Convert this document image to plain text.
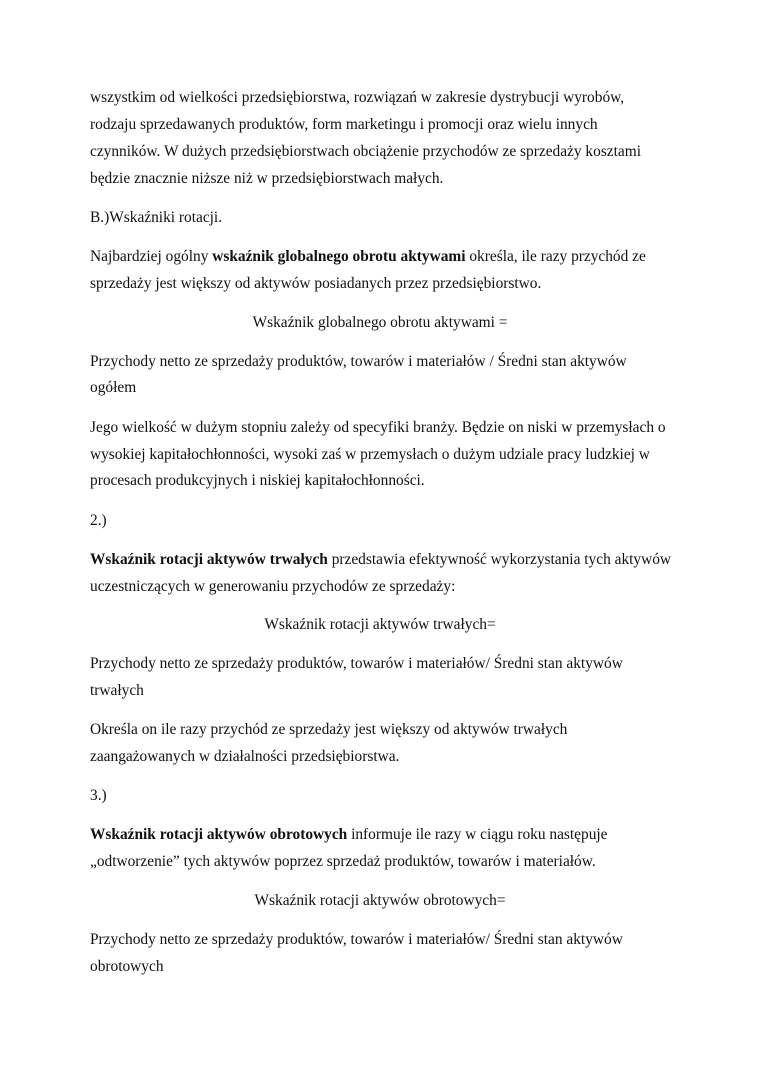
wszystkim od wielkości przedsiębiorstwa, rozwiązań w zakresie dystrybucji wyrobów,

rodzaju sprzedawanych produktów, form marketingu i promocji oraz wielu innych

czynników. W dużych przedsiębiorstwach obciążenie przychodów ze sprzedaży kosztami

będzie znacznie niższe niż w przedsiębiorstwach małych.

B.)Wskaźniki rotacji.

Najbardziej ogólny wskaźnik globalnego obrotu aktywami określa, ile razy przychód ze

sprzedaży jest większy od aktywów posiadanych przez przedsiębiorstwo.

Wskaźnik globalnego obrotu aktywami =

Przychody netto ze sprzedaży produktów, towarów i materiałów / Średni stan aktywów

ogółem

Jego wielkość w dużym stopniu zależy od specyfiki branży. Będzie on niski w przemysłach o

wysokiej kapitałochłonności, wysoki zaś w przemysłach o dużym udziale pracy ludzkiej w

procesach produkcyjnych i niskiej kapitałochłonności.

2.)

Wskaźnik rotacji aktywów trwałych przedstawia efektywność wykorzystania tych aktywów

uczestniczących w generowaniu przychodów ze sprzedaży:

Wskaźnik rotacji aktywów trwałych=

Przychody netto ze sprzedaży produktów, towarów i materiałów/ Średni stan aktywów

trwałych

Określa on ile razy przychód ze sprzedaży jest większy od aktywów trwałych

zaangażowanych w działalności przedsiębiorstwa.

3.)

Wskaźnik rotacji aktywów obrotowych informuje ile razy w ciągu roku następuje

„odtworzenie” tych aktywów poprzez sprzedaż produktów, towarów i materiałów.

Wskaźnik rotacji aktywów obrotowych=

Przychody netto ze sprzedaży produktów, towarów i materiałów/ Średni stan aktywów

obrotowych
